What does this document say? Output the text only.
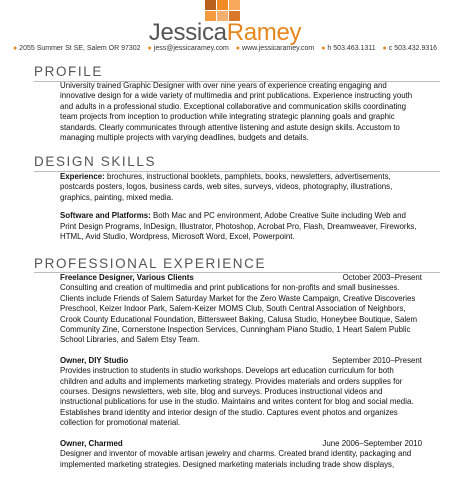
JessicaRamey
● 2055 Summer St SE, Salem OR 97302 ● jess@jessicaramey.com ● www.jessicaramey.com ● h 503.463.1311 ● c 503.432.9316
PROFILE

University trained Graphic Designer with over nine years of experience creating engaging and innovative design for a wide variety of multimedia and print publications. Experience instructing youth and adults in a professional studio. Exceptional collaborative and communication skills coordinating team projects from inception to production while integrating strategic planning goals and graphic standards. Clearly communicates through attentive listening and astute design skills. Accustom to managing multiple projects with varying deadlines, budgets and details.

DESIGN SKILLS

Experience: brochures, instructional booklets, pamphlets, books, newsletters, advertisements, postcards posters, logos, business cards, web sites, surveys, videos, photography, illustrations, graphics, painting, mixed media.

Software and Platforms: Both Mac and PC environment, Adobe Creative Suite including Web and Print Design Programs, InDesign, Illustrator, Photoshop, Acrobat Pro, Flash, Dreamweaver, Fireworks, HTML, Avid Studio, Wordpress, Microsoft Word, Excel, Powerpoint.

PROFESSIONAL EXPERIENCE
Freelance Designer, Various Clients	October 2003–Present

Consulting and creation of multimedia and print publications for non-profits and small businesses. Clients include Friends of Salem Saturday Market for the Zero Waste Campaign, Creative Discoveries Preschool, Keizer Indoor Park, Salem-Keizer MOMS Club, South Central Association of Neighbors, Crook County Educational Foundation, Bittersweet Baking, Calusa Studio, Honeybee Boutique, Salem Community Zine, Cornerstone Inspection Services, Cunningham Piano Studio, 1 Heart Salem Public School Libraries, and Salem Etsy Team.

Owner, DIY Studio	September 2010–Present

Provides instruction to students in studio workshops. Develops art education curriculum for both children and adults and implements marketing strategy. Provides materials and orders supplies for courses. Designs newsletters, web site, blog and surveys. Produces instructional videos and instructional publications for use in the studio. Maintains and writes content for blog and social media. Establishes brand identity and interior design of the studio. Captures event photos and organizes collection for promotional material.

Owner, Charmed	June 2006–September 2010

Designer and inventor of movable artisan jewelry and charms. Created brand identity, packaging and implemented marketing strategies. Designed marketing materials including trade show displays,
